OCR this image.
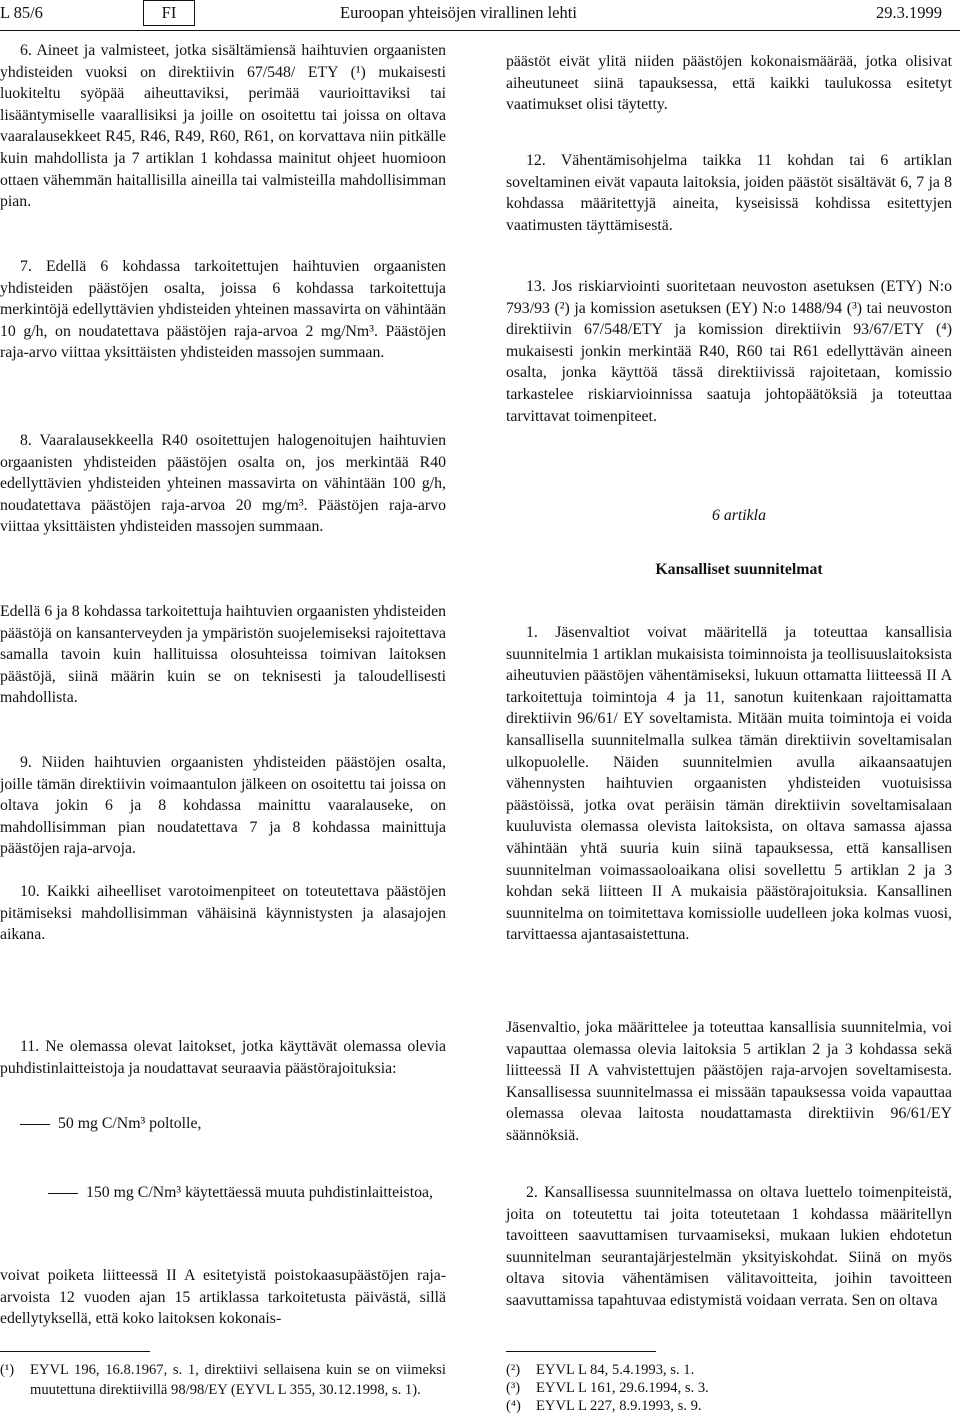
L 85/6	FI	Euroopan yhteisöjen virallinen lehti	29.3.1999

6. Aineet ja valmisteet, jotka sisältämiensä haihtuvien orgaanisten yhdisteiden vuoksi on direktiivin 67/548/ ETY (¹) mukaisesti luokiteltu syöpää aiheuttaviksi, perimää vaurioittaviksi tai lisääntymiselle vaarallisiksi ja joille on osoitettu tai joissa on oltava vaaralausekkeet R45, R46, R49, R60, R61, on korvattava niin pitkälle kuin mahdollista ja 7 artiklan 1 kohdassa mainitut ohjeet huomioon ottaen vähemmän haitallisilla aineilla tai valmisteilla mahdollisimman pian.

7. Edellä 6 kohdassa tarkoitettujen haihtuvien orgaanisten yhdisteiden päästöjen osalta, joissa 6 kohdassa tarkoitettuja merkintöjä edellyttävien yhdisteiden yhteinen massavirta on vähintään 10 g/h, on noudatettava päästöjen raja-arvoa 2 mg/Nm³. Päästöjen raja-arvo viittaa yksittäisten yhdisteiden massojen summaan.

8. Vaaralausekkeella R40 osoitettujen halogenoitujen haihtuvien orgaanisten yhdisteiden päästöjen osalta on, jos merkintää R40 edellyttävien yhdisteiden yhteinen massavirta on vähintään 100 g/h, noudatettava päästöjen raja-arvoa 20 mg/m³. Päästöjen raja-arvo viittaa yksittäisten yhdisteiden massojen summaan.

Edellä 6 ja 8 kohdassa tarkoitettuja haihtuvien orgaanisten yhdisteiden päästöjä on kansanterveyden ja ympäristön suojelemiseksi rajoitettava samalla tavoin kuin hallituissa olosuhteissa toimivan laitoksen päästöjä, siinä määrin kuin se on teknisesti ja taloudellisesti mahdollista.

9. Niiden haihtuvien orgaanisten yhdisteiden päästöjen osalta, joille tämän direktiivin voimaantulon jälkeen on osoitettu tai joissa on oltava jokin 6 ja 8 kohdassa mainittu vaaralauseke, on mahdollisimman pian noudatettava 7 ja 8 kohdassa mainittuja päästöjen raja-arvoja.

10. Kaikki aiheelliset varotoimenpiteet on toteutettava päästöjen pitämiseksi mahdollisimman vähäisinä käynnistysten ja alasajojen aikana.

11. Ne olemassa olevat laitokset, jotka käyttävät olemassa olevia puhdistinlaitteistoja ja noudattavat seuraavia päästörajoituksia:

50 mg C/Nm³ poltolle,

150 mg C/Nm³ käytettäessä muuta puhdistinlaitteistoa,

voivat poiketa liitteessä II A esitetyistä poistokaasupäästöjen raja-arvoista 12 vuoden ajan 15 artiklassa tarkoitetusta päivästä, sillä edellytyksellä, että koko laitoksen kokonais-

päästöt eivät ylitä niiden päästöjen kokonaismäärää, jotka olisivat aiheutuneet siinä tapauksessa, että kaikki taulukossa esitetyt vaatimukset olisi täytetty.

12. Vähentämisohjelma taikka 11 kohdan tai 6 artiklan soveltaminen eivät vapauta laitoksia, joiden päästöt sisältävät 6, 7 ja 8 kohdassa määritettyjä aineita, kyseisissä kohdissa esitettyjen vaatimusten täyttämisestä.

13. Jos riskiarviointi suoritetaan neuvoston asetuksen (ETY) N:o 793/93 (²) ja komission asetuksen (EY) N:o 1488/94 (³) tai neuvoston direktiivin 67/548/ETY ja komission direktiivin 93/67/ETY (⁴) mukaisesti jonkin merkintää R40, R60 tai R61 edellyttävän aineen osalta, jonka käyttöä tässä direktiivissä rajoitetaan, komissio tarkastelee riskiarvioinnissa saatuja johtopäätöksiä ja toteuttaa tarvittavat toimenpiteet.

6 artikla

Kansalliset suunnitelmat

1. Jäsenvaltiot voivat määritellä ja toteuttaa kansallisia suunnitelmia 1 artiklan mukaisista toiminnoista ja teollisuuslaitoksista aiheutuvien päästöjen vähentämiseksi, lukuun ottamatta liitteessä II A tarkoitettuja toimintoja 4 ja 11, sanotun kuitenkaan rajoittamatta direktiivin 96/61/ EY soveltamista. Mitään muita toimintoja ei voida kansallisella suunnitelmalla sulkea tämän direktiivin soveltamisalan ulkopuolelle. Näiden suunnitelmien avulla aikaansaatujen vähennysten haihtuvien orgaanisten yhdisteiden vuotuisissa päästöissä, jotka ovat peräisin tämän direktiivin soveltamisalaan kuuluvista olemassa olevista laitoksista, on oltava samassa ajassa vähintään yhtä suuria kuin siinä tapauksessa, että kansallisen suunnitelman voimassaoloaikana olisi sovellettu 5 artiklan 2 ja 3 kohdan sekä liitteen II A mukaisia päästörajoituksia. Kansallinen suunnitelma on toimitettava komissiolle uudelleen joka kolmas vuosi, tarvittaessa ajantasaistettuna.

Jäsenvaltio, joka määrittelee ja toteuttaa kansallisia suunnitelmia, voi vapauttaa olemassa olevia laitoksia 5 artiklan 2 ja 3 kohdassa sekä liitteessä II A vahvistettujen päästöjen raja-arvojen soveltamisesta. Kansallisessa suunnitelmassa ei missään tapauksessa voida vapauttaa olemassa olevaa laitosta noudattamasta direktiivin 96/61/EY säännöksiä.

2. Kansallisessa suunnitelmassa on oltava luettelo toimenpiteistä, joita on toteutettu tai joita toteutetaan 1 kohdassa määritellyn tavoitteen saavuttamisen turvaamiseksi, mukaan lukien ehdotetun suunnitelman seurantajärjestelmän yksityiskohdat. Siinä on myös oltava sitovia vähentämisen välitavoitteita, joihin tavoitteen saavuttamissa tapahtuvaa edistymistä voidaan verrata. Sen on oltava

(¹) EYVL 196, 16.8.1967, s. 1, direktiivi sellaisena kuin se on viimeksi muutettuna direktiivillä 98/98/EY (EYVL L 355, 30.12.1998, s. 1).
(²) EYVL L 84, 5.4.1993, s. 1.
(³) EYVL L 161, 29.6.1994, s. 3.
(⁴) EYVL L 227, 8.9.1993, s. 9.
